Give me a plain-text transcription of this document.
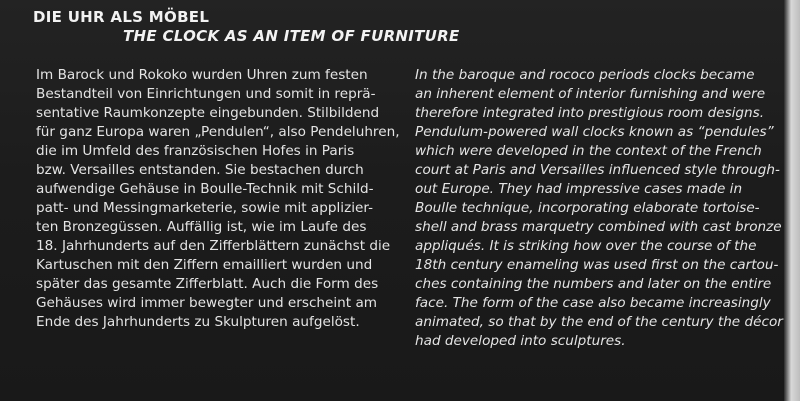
DIE UHR ALS MÖBEL
THE CLOCK AS AN ITEM OF FURNITURE
Im Barock und Rokoko wurden Uhren zum festen
Bestandteil von Einrichtungen und somit in reprä-
sentative Raumkonzepte eingebunden. Stilbildend
für ganz Europa waren „Pendulen“, also Pendeluhren,
die im Umfeld des französischen Hofes in Paris
bzw. Versailles entstanden. Sie bestachen durch
aufwendige Gehäuse in Boulle-Technik mit Schild-
patt- und Messingmarketerie, sowie mit applizier-
ten Bronzegüssen. Auffällig ist, wie im Laufe des
18. Jahrhunderts auf den Zifferblättern zunächst die
Kartuschen mit den Ziffern emailliert wurden und
später das gesamte Zifferblatt. Auch die Form des
Gehäuses wird immer bewegter und erscheint am
Ende des Jahrhunderts zu Skulpturen aufgelöst.
In the baroque and rococo periods clocks became
an inherent element of interior furnishing and were
therefore integrated into prestigious room designs.
Pendulum-powered wall clocks known as “pendules”
which were developed in the context of the French
court at Paris and Versailles influenced style through-
out Europe. They had impressive cases made in
Boulle technique, incorporating elaborate tortoise-
shell and brass marquetry combined with cast bronze
appliqués. It is striking how over the course of the
18th century enameling was used first on the cartou-
ches containing the numbers and later on the entire
face. The form of the case also became increasingly
animated, so that by the end of the century the décor
had developed into sculptures.
